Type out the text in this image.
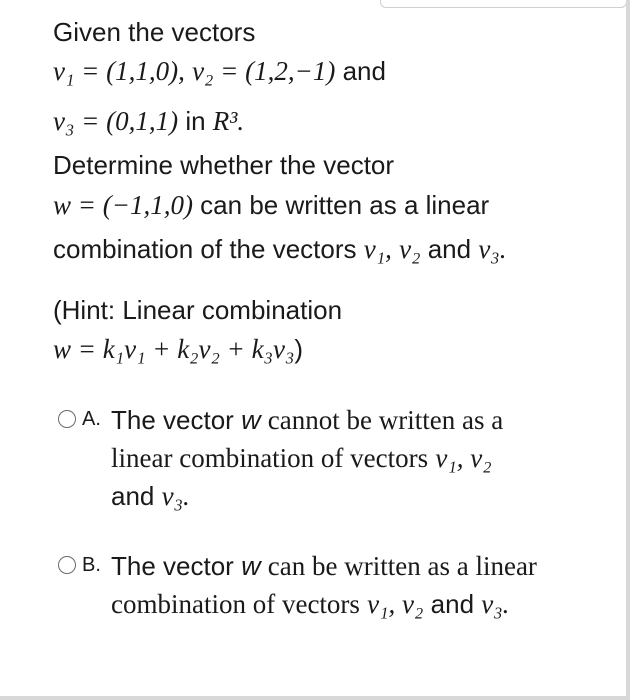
Given the vectors
v₁ = (1,1,0), v₂ = (1,2,−1) and
v₃ = (0,1,1) in R³.
Determine whether the vector
w = (−1,1,0) can be written as a linear
combination of the vectors v₁, v₂ and v₃.
(Hint: Linear combination
w = k₁v₁ + k₂v₂ + k₃v₃)
A. The vector w cannot be written as a
linear combination of vectors v₁, v₂
and v₃.
B. The vector w can be written as a linear
combination of vectors v₁, v₂ and v₃.
